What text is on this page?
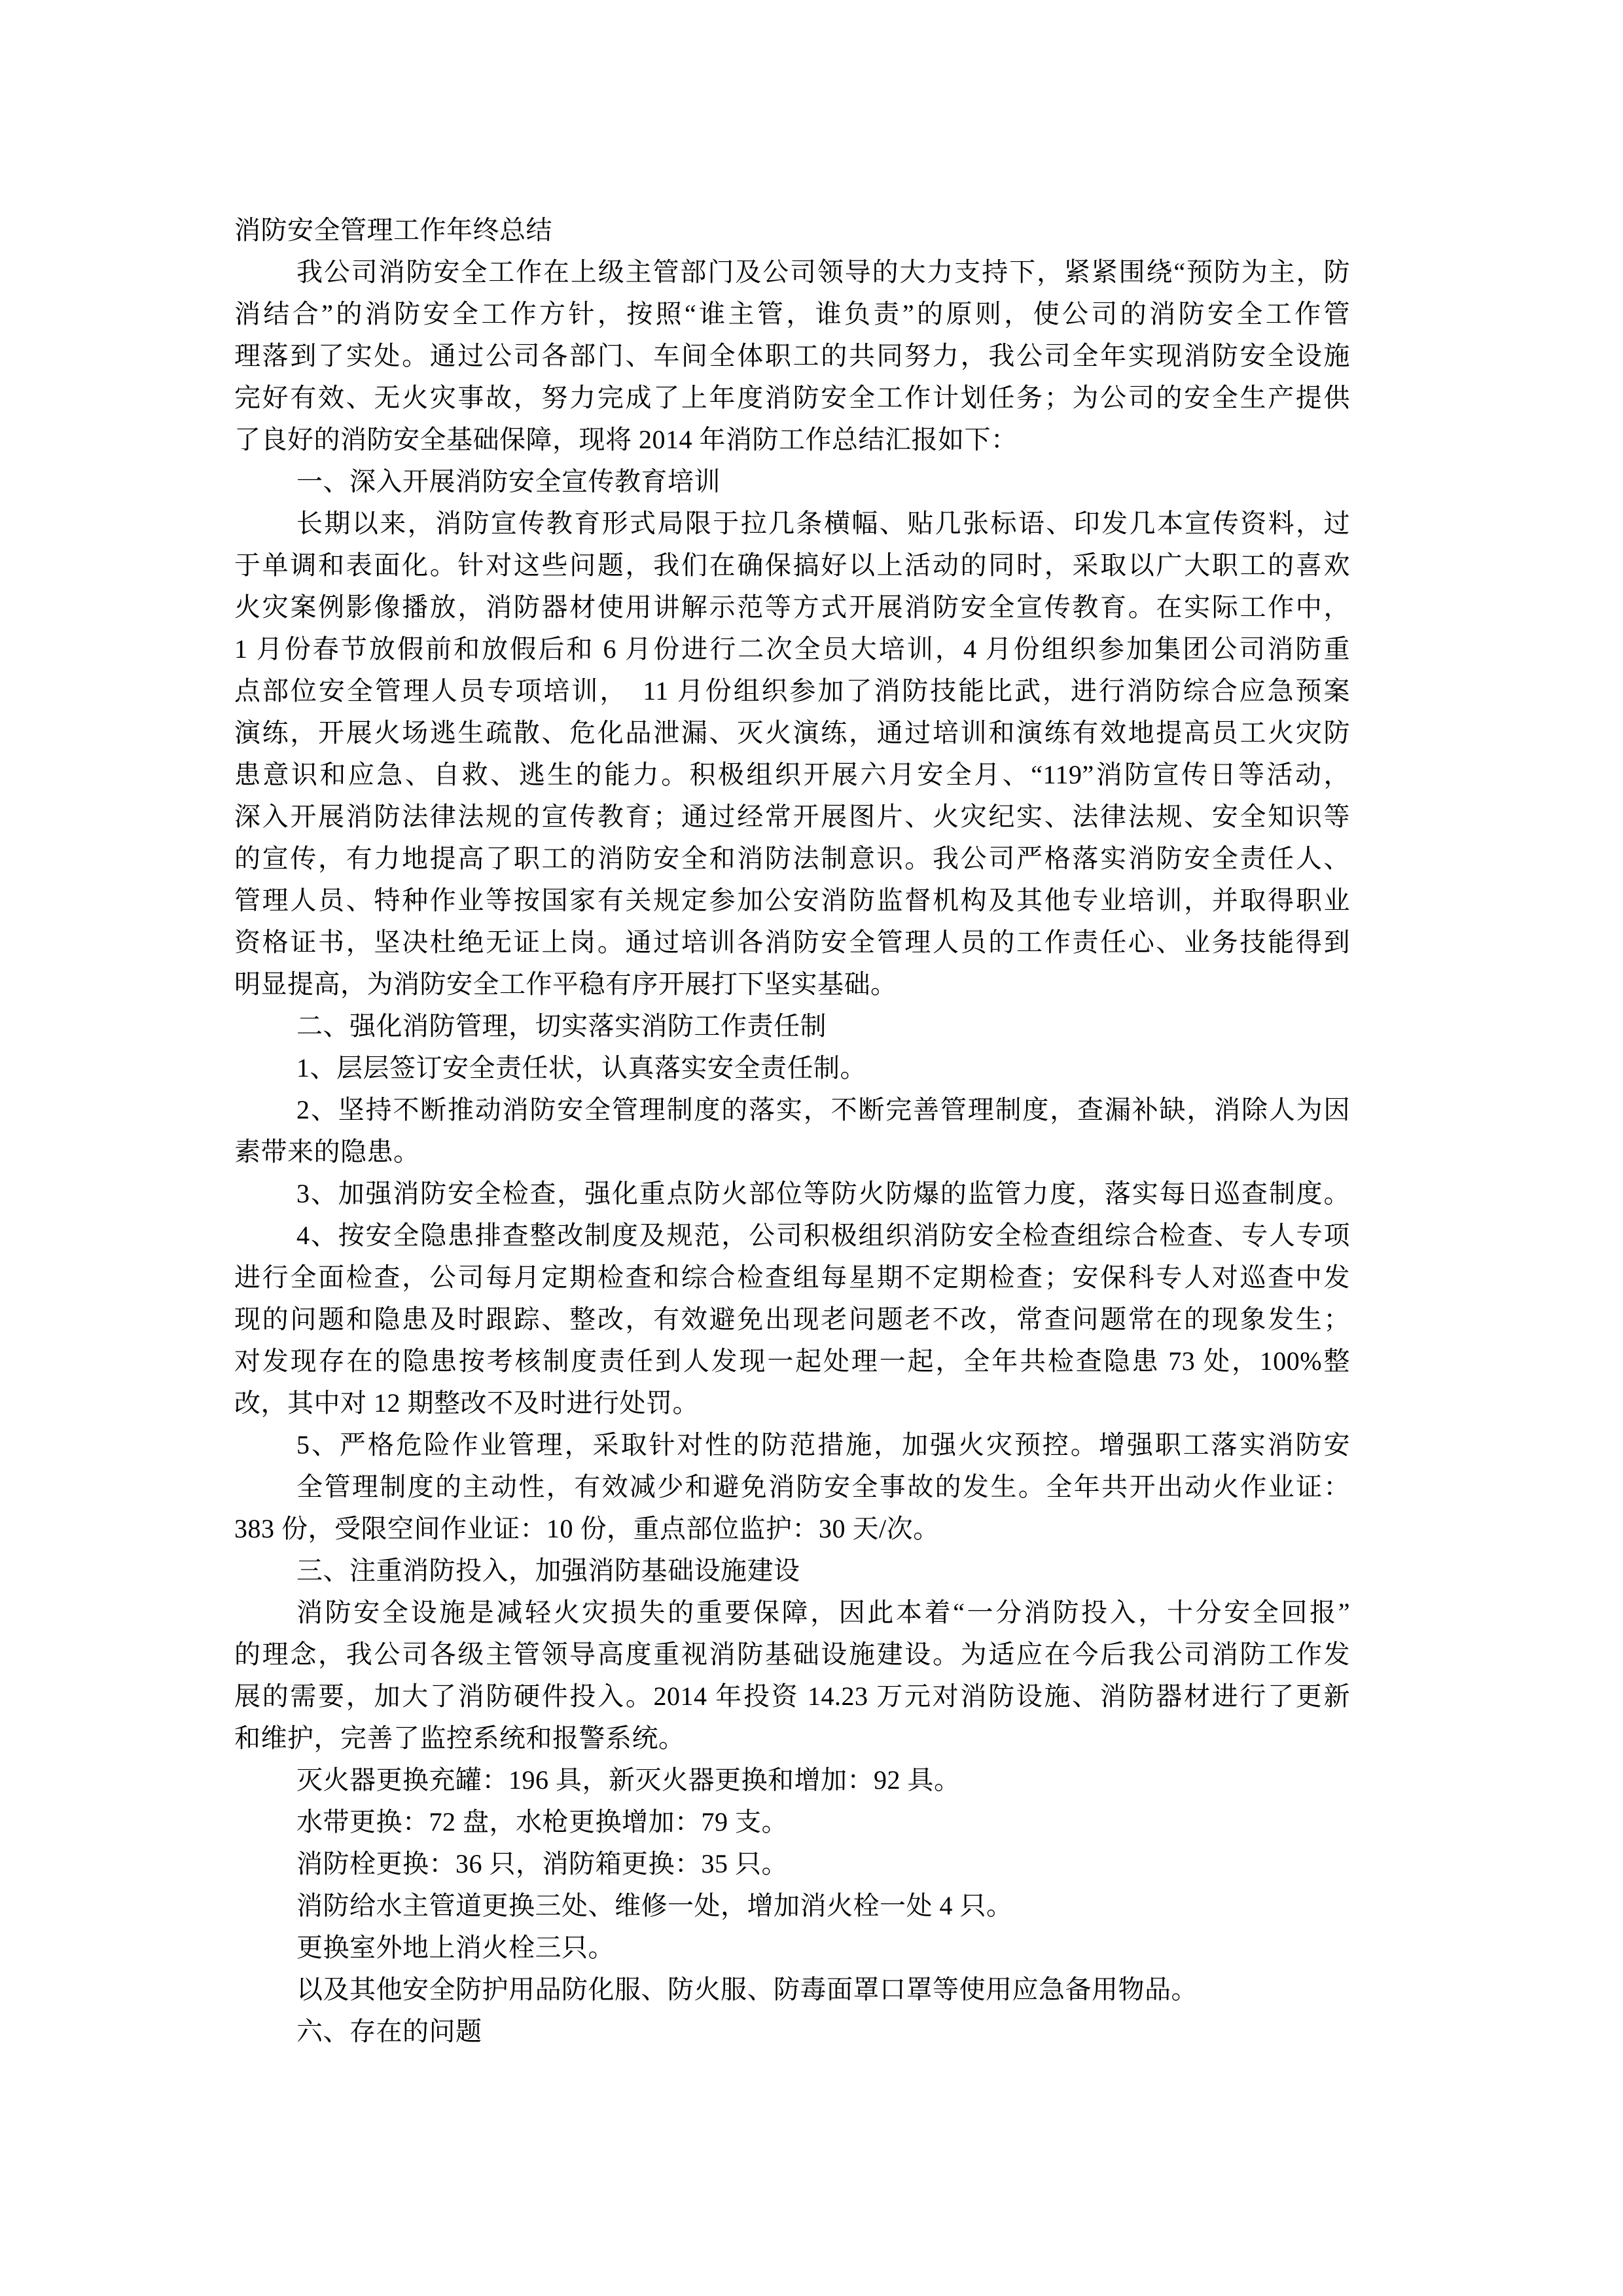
消防安全管理工作年终总结
我公司消防安全工作在上级主管部门及公司领导的大力支持下，紧紧围绕“预防为主，防
消结合”的消防安全工作方针，按照“谁主管，谁负责”的原则，使公司的消防安全工作管
理落到了实处。通过公司各部门、车间全体职工的共同努力，我公司全年实现消防安全设施
完好有效、无火灾事故，努力完成了上年度消防安全工作计划任务；为公司的安全生产提供
了良好的消防安全基础保障，现将 2014 年消防工作总结汇报如下：
一、深入开展消防安全宣传教育培训
长期以来，消防宣传教育形式局限于拉几条横幅、贴几张标语、印发几本宣传资料，过
于单调和表面化。针对这些问题，我们在确保搞好以上活动的同时，采取以广大职工的喜欢
火灾案例影像播放，消防器材使用讲解示范等方式开展消防安全宣传教育。在实际工作中，
1 月份春节放假前和放假后和 6 月份进行二次全员大培训，4 月份组织参加集团公司消防重
点部位安全管理人员专项培训，　11 月份组织参加了消防技能比武，进行消防综合应急预案
演练，开展火场逃生疏散、危化品泄漏、灭火演练，通过培训和演练有效地提高员工火灾防
患意识和应急、自救、逃生的能力。积极组织开展六月安全月、“119”消防宣传日等活动，
深入开展消防法律法规的宣传教育；通过经常开展图片、火灾纪实、法律法规、安全知识等
的宣传，有力地提高了职工的消防安全和消防法制意识。我公司严格落实消防安全责任人、
管理人员、特种作业等按国家有关规定参加公安消防监督机构及其他专业培训，并取得职业
资格证书，坚决杜绝无证上岗。通过培训各消防安全管理人员的工作责任心、业务技能得到
明显提高，为消防安全工作平稳有序开展打下坚实基础。
二、强化消防管理，切实落实消防工作责任制
1、层层签订安全责任状，认真落实安全责任制。
2、坚持不断推动消防安全管理制度的落实，不断完善管理制度，查漏补缺，消除人为因
素带来的隐患。
3、加强消防安全检查，强化重点防火部位等防火防爆的监管力度，落实每日巡查制度。
4、按安全隐患排查整改制度及规范，公司积极组织消防安全检查组综合检查、专人专项
进行全面检查，公司每月定期检查和综合检查组每星期不定期检查；安保科专人对巡查中发
现的问题和隐患及时跟踪、整改，有效避免出现老问题老不改，常查问题常在的现象发生；
对发现存在的隐患按考核制度责任到人发现一起处理一起，全年共检查隐患 73 处，100%整
改，其中对 12 期整改不及时进行处罚。
5、严格危险作业管理，采取针对性的防范措施，加强火灾预控。增强职工落实消防安
全管理制度的主动性，有效减少和避免消防安全事故的发生。全年共开出动火作业证：
383 份，受限空间作业证：10 份，重点部位监护：30 天/次。
三、注重消防投入，加强消防基础设施建设
消防安全设施是减轻火灾损失的重要保障，因此本着“一分消防投入，十分安全回报”
的理念，我公司各级主管领导高度重视消防基础设施建设。为适应在今后我公司消防工作发
展的需要，加大了消防硬件投入。2014 年投资 14.23 万元对消防设施、消防器材进行了更新
和维护，完善了监控系统和报警系统。
灭火器更换充罐：196 具，新灭火器更换和增加：92 具。
水带更换：72 盘，水枪更换增加：79 支。
消防栓更换：36 只，消防箱更换：35 只。
消防给水主管道更换三处、维修一处，增加消火栓一处 4 只。
更换室外地上消火栓三只。
以及其他安全防护用品防化服、防火服、防毒面罩口罩等使用应急备用物品。
六、存在的问题
